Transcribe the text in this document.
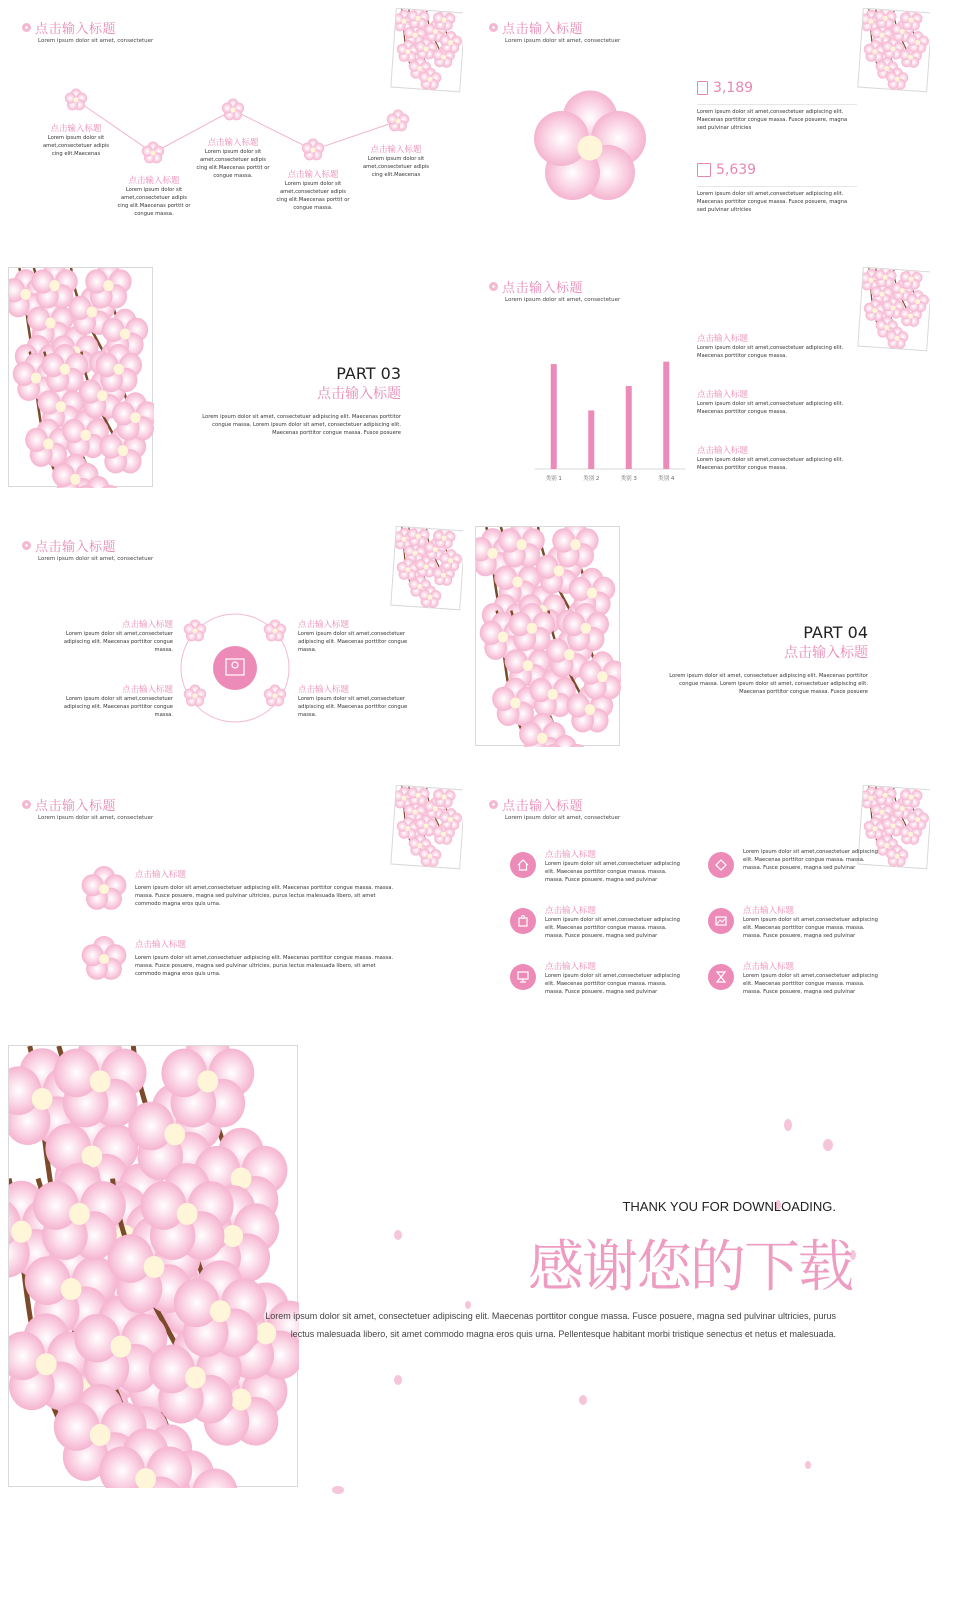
点击输入标题
Lorem ipsum dolor sit amet, consectetuer
点击输入标题
Lorem ipsum dolor sit amet,consectetuer adipis cing elit.Maecenas
点击输入标题
Lorem ipsum dolor sit amet,consectetuer adipis cing elit.Maecenas porttit or congue massa.
点击输入标题
Lorem ipsum dolor sit amet,consectetuer adipis cing elit.Maecenas porttit or congue massa.	点击输入标题
Lorem ipsum dolor sit amet,consectetuer adipis cing elit.Maecenas porttit or congue massa.
点击输入标题
Lorem ipsum dolor sit amet,consectetuer adipis cing elit.Maecenas
点击输入标题
Lorem ipsum dolor sit amet, consectetuer
3,189
Lorem ipsum dolor sit amet,consectetuer adipiscing elit. Maecenas porttitor congue massa. Fusce posuere, magna sed pulvinar ultricies
5,639
Lorem ipsum dolor sit amet,consectetuer adipiscing elit. Maecenas porttitor congue massa. Fusce posuere, magna sed pulvinar ultricies
PART 03
点击输入标题
Lorem ipsum dolor sit amet, consectetuer adipiscing elit. Maecenas porttitor congue massa. Lorem ipsum dolor sit amet, consectetuer adipiscing elit. Maecenas porttitor congue massa. Fusce posuere
点击输入标题
Lorem ipsum dolor sit amet, consectetuer
类别 1	类别 2	类别 3	类别 4
点击输入标题
Lorem ipsum dolor sit amet,consectetuer adipiscing elit. Maecenas porttitor congue massa.
点击输入标题
Lorem ipsum dolor sit amet,consectetuer adipiscing elit. Maecenas porttitor congue massa.
点击输入标题
Lorem ipsum dolor sit amet,consectetuer adipiscing elit. Maecenas porttitor congue massa.
点击输入标题
Lorem ipsum dolor sit amet, consectetuer
点击输入标题
Lorem ipsum dolor sit amet,consectetuer adipiscing elit. Maecenas porttitor congue massa.
点击输入标题
Lorem ipsum dolor sit amet,consectetuer adipiscing elit. Maecenas porttitor congue massa.
点击输入标题
Lorem ipsum dolor sit amet,consectetuer adipiscing elit. Maecenas porttitor congue massa.
点击输入标题
Lorem ipsum dolor sit amet,consectetuer adipiscing elit. Maecenas porttitor congue massa.
PART 04
点击输入标题
Lorem ipsum dolor sit amet, consectetuer adipiscing elit. Maecenas porttitor congue massa. Lorem ipsum dolor sit amet, consectetuer adipiscing elit. Maecenas porttitor congue massa. Fusce posuere
点击输入标题
Lorem ipsum dolor sit amet, consectetuer
点击输入标题
Lorem ipsum dolor sit amet,consectetuer adipiscing elit. Maecenas porttitor congue massa. massa. massa. Fusce posuere, magna sed pulvinar ultricies, purus lectus malesuada libero, sit amet commodo magna eros quis urna.
点击输入标题
Lorem ipsum dolor sit amet,consectetuer adipiscing elit. Maecenas porttitor congue massa. massa. massa. Fusce posuere, magna sed pulvinar ultricies, purus lectus malesuada libero, sit amet commodo magna eros quis urna.
点击输入标题
Lorem ipsum dolor sit amet, consectetuer
点击输入标题
Lorem ipsum dolor sit amet,consectetuer adipiscing elit. Maecenas porttitor congue massa. massa. massa. Fusce posuere, magna sed pulvinar
Lorem ipsum dolor sit amet,consectetuer adipiscing elit. Maecenas porttitor congue massa. massa. massa. Fusce posuere, magna sed pulvinar
点击输入标题
Lorem ipsum dolor sit amet,consectetuer adipiscing elit. Maecenas porttitor congue massa. massa. massa. Fusce posuere, magna sed pulvinar
点击输入标题
Lorem ipsum dolor sit amet,consectetuer adipiscing elit. Maecenas porttitor congue massa. massa. massa. Fusce posuere, magna sed pulvinar
点击输入标题
Lorem ipsum dolor sit amet,consectetuer adipiscing elit. Maecenas porttitor congue massa. massa. massa. Fusce posuere, magna sed pulvinar
点击输入标题
Lorem ipsum dolor sit amet,consectetuer adipiscing elit. Maecenas porttitor congue massa. massa. massa. Fusce posuere, magna sed pulvinar
THANK YOU FOR DOWNLOADING.
感谢您的下载
Lorem ipsum dolor sit amet, consectetuer adipiscing elit. Maecenas porttitor congue massa. Fusce posuere, magna sed pulvinar ultricies, purus lectus malesuada libero, sit amet commodo magna eros quis urna. Pellentesque habitant morbi tristique senectus et netus et malesuada.
